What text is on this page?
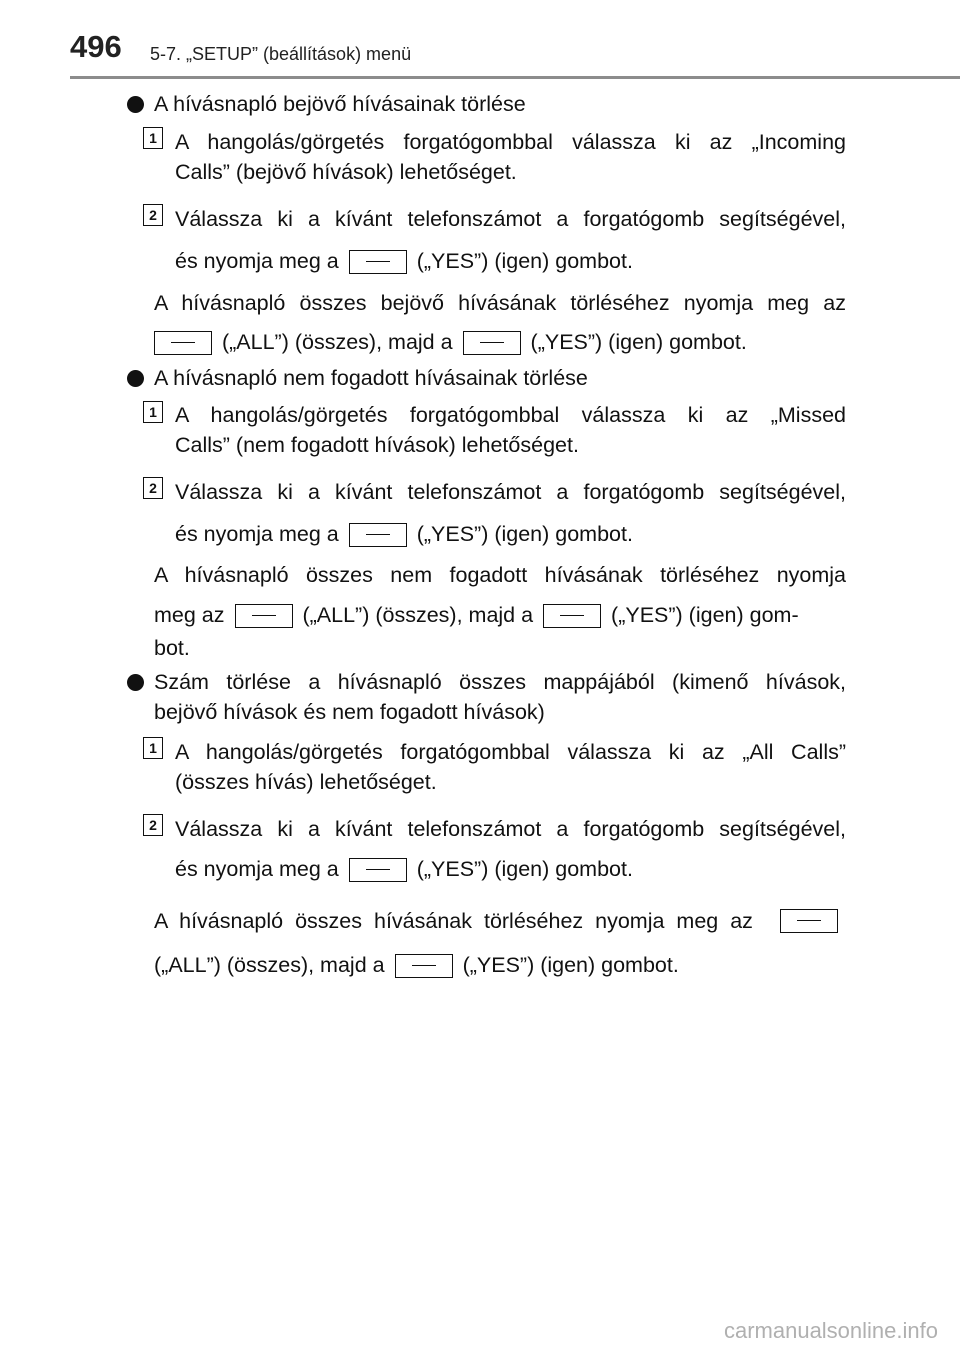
496 5-7. „SETUP” (beállítások) menü
A hívásnapló bejövő hívásainak törlése
1 A hangolás/görgetés forgatógombbal válassza ki az „Incoming
Calls” (bejövő hívások) lehetőséget.
2 Válassza ki a kívánt telefonszámot a forgatógomb segítségével,
és nyomja meg a	(„YES”) (igen) gombot.
A hívásnapló összes bejövő hívásának törléséhez nyomja meg az
(„ALL”) (összes), majd a	(„YES”) (igen) gombot.
A hívásnapló nem fogadott hívásainak törlése
1 A hangolás/görgetés forgatógombbal válassza ki az „Missed
Calls” (nem fogadott hívások) lehetőséget.
2 Válassza ki a kívánt telefonszámot a forgatógomb segítségével,
és nyomja meg a	(„YES”) (igen) gombot.
A hívásnapló összes nem fogadott hívásának törléséhez nyomja
meg az	(„ALL”) (összes), majd a	(„YES”) (igen) gom-
bot.
Szám törlése a hívásnapló összes mappájából (kimenő hívások,
bejövő hívások és nem fogadott hívások)
1 A hangolás/görgetés forgatógombbal válassza ki az „All Calls”
(összes hívás) lehetőséget.
2 Válassza ki a kívánt telefonszámot a forgatógomb segítségével,
és nyomja meg a	(„YES”) (igen) gombot.
A hívásnapló összes hívásának törléséhez nyomja meg az
(„ALL”) (összes), majd a	(„YES”) (igen) gombot.
carmanualsonline.info
